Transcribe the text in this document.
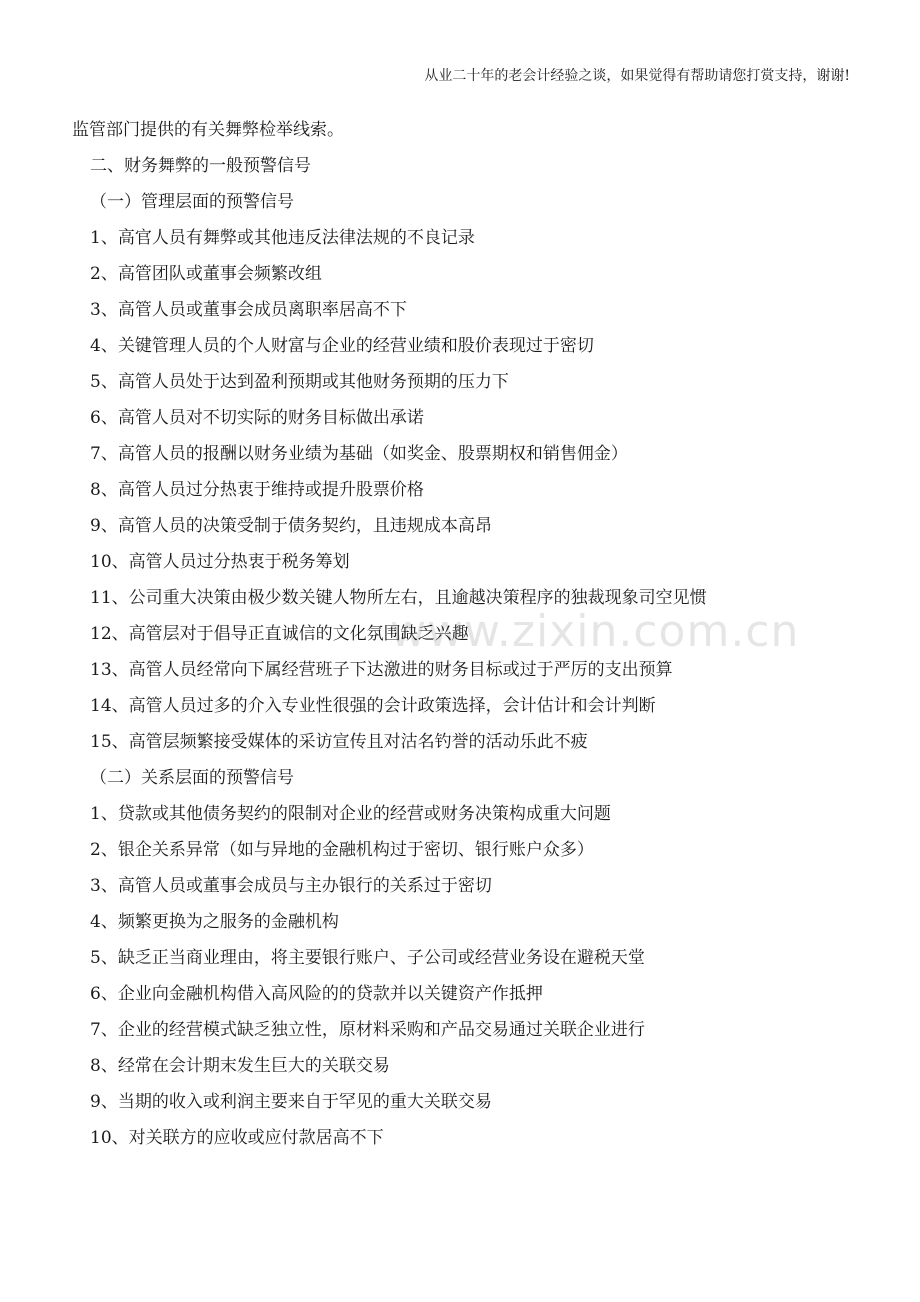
从业二十年的老会计经验之谈，如果觉得有帮助请您打赏支持，谢谢!
www.zixin.com.cn
监管部门提供的有关舞弊检举线索。
二、财务舞弊的一般预警信号
（一）管理层面的预警信号
1、高官人员有舞弊或其他违反法律法规的不良记录
2、高管团队或董事会频繁改组
3、高管人员或董事会成员离职率居高不下
4、关键管理人员的个人财富与企业的经营业绩和股价表现过于密切
5、高管人员处于达到盈利预期或其他财务预期的压力下
6、高管人员对不切实际的财务目标做出承诺
7、高管人员的报酬以财务业绩为基础（如奖金、股票期权和销售佣金）
8、高管人员过分热衷于维持或提升股票价格
9、高管人员的决策受制于债务契约，且违规成本高昂
10、高管人员过分热衷于税务筹划
11、公司重大决策由极少数关键人物所左右，且逾越决策程序的独裁现象司空见惯
12、高管层对于倡导正直诚信的文化氛围缺乏兴趣
13、高管人员经常向下属经营班子下达激进的财务目标或过于严厉的支出预算
14、高管人员过多的介入专业性很强的会计政策选择，会计估计和会计判断
15、高管层频繁接受媒体的采访宣传且对沽名钓誉的活动乐此不疲
（二）关系层面的预警信号
1、贷款或其他债务契约的限制对企业的经营或财务决策构成重大问题
2、银企关系异常（如与异地的金融机构过于密切、银行账户众多）
3、高管人员或董事会成员与主办银行的关系过于密切
4、频繁更换为之服务的金融机构
5、缺乏正当商业理由，将主要银行账户、子公司或经营业务设在避税天堂
6、企业向金融机构借入高风险的的贷款并以关键资产作抵押
7、企业的经营模式缺乏独立性，原材料采购和产品交易通过关联企业进行
8、经常在会计期末发生巨大的关联交易
9、当期的收入或利润主要来自于罕见的重大关联交易
10、对关联方的应收或应付款居高不下
